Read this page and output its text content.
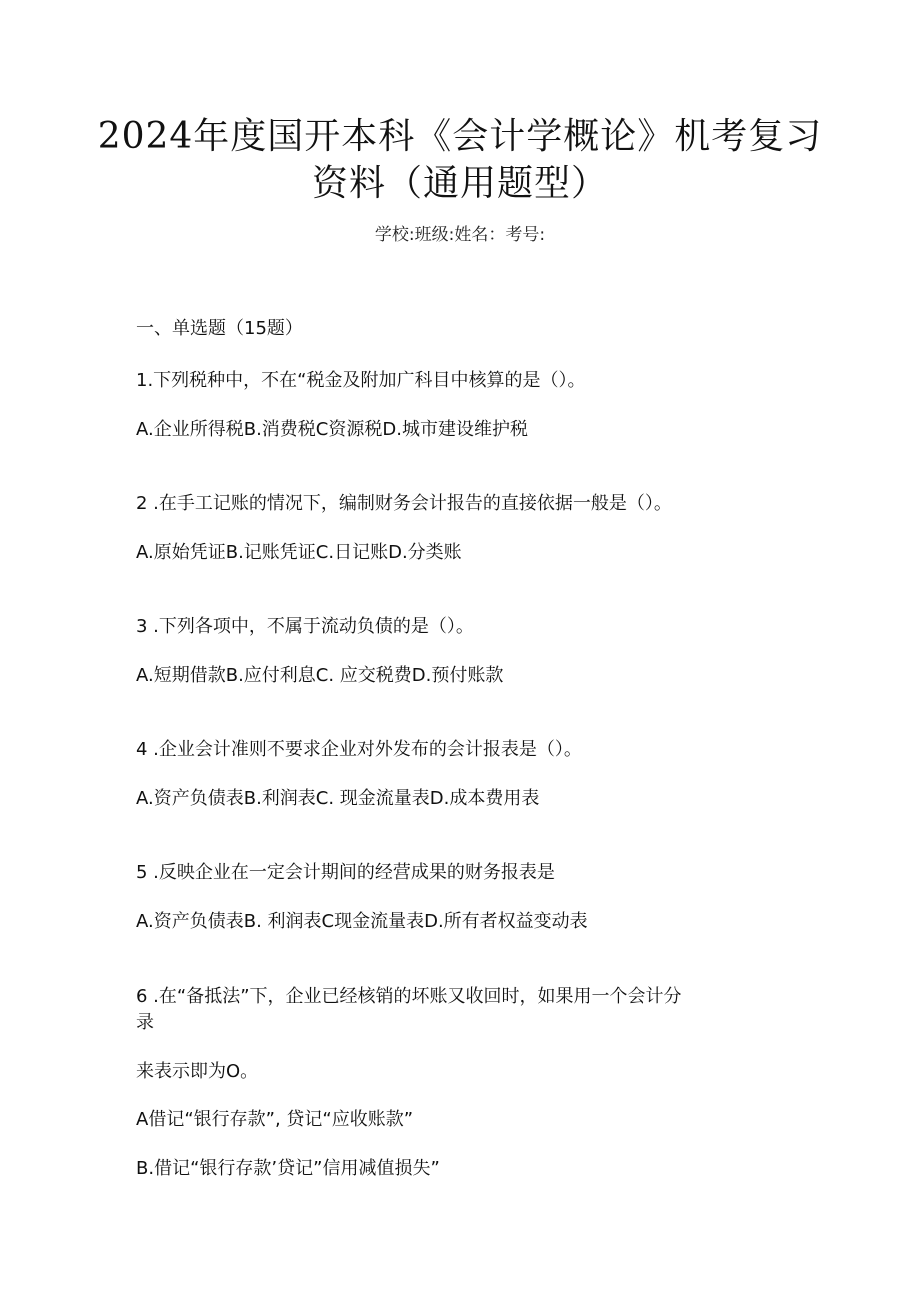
2024年度国开本科《会计学概论》机考复习
资料（通用题型）
学校:班级:姓名：考号:
一、单选题（15题）
1.下列税种中，不在“税金及附加广科目中核算的是（）。
A.企业所得税B.消费税C资源税D.城市建设维护税
2 .在手工记账的情况下，编制财务会计报告的直接依据一般是（）。
A.原始凭证B.记账凭证C.日记账D.分类账
3 .下列各项中，不属于流动负债的是（）。
A.短期借款B.应付利息C. 应交税费D.预付账款
4 .企业会计准则不要求企业对外发布的会计报表是（）。
A.资产负债表B.利润表C. 现金流量表D.成本费用表
5 .反映企业在一定会计期间的经营成果的财务报表是
A.资产负债表B. 利润表C现金流量表D.所有者权益变动表
6 .在“备抵法”下，企业已经核销的坏账又收回时，如果用一个会计分
录
来表示即为O。
A借记“银行存款”, 贷记“应收账款”
B.借记“银行存款’贷记”信用减值损失”
